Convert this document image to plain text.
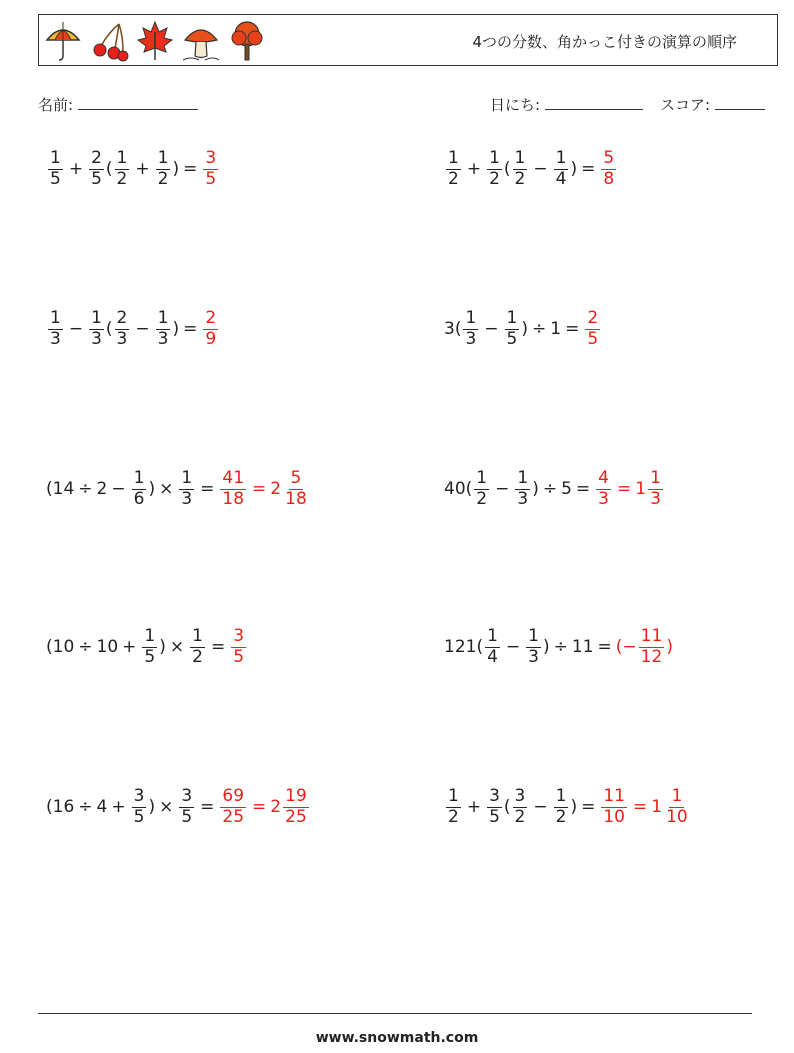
4つの分数、角かっこ付きの演算の順序
名前:	日にち:	スコア:
$\frac{1}{5} + \frac{2}{5}$ ( $\frac{1}{2} + \frac{1}{2}$ ) = $\frac{3}{5}$	$\frac{1}{2} + \frac{1}{2}$ ( $\frac{1}{2} - \frac{1}{4}$ ) = $\frac{5}{8}$
$\frac{1}{3} - \frac{1}{3}$ ( $\frac{2}{3} - \frac{1}{3}$ ) = $\frac{2}{9}$	3 ( $\frac{1}{3} - \frac{1}{5}$ ) ÷ $1 = \frac{2}{5}$
( $14 \div 2 - \frac{1}{6}$ ) × $\frac{1}{3} = \frac{41}{18} = 2 \frac{5}{18}$	40 ( $\frac{1}{2} - \frac{1}{3}$ ) ÷ $5 = \frac{4}{3} = 1 \frac{1}{3}$
( $10 \div 10 + \frac{1}{5}$ ) × $\frac{1}{2} = \frac{3}{5}$	121 ( $\frac{1}{4} - \frac{1}{3}$ ) ÷ 11 = (− $\frac{11}{12}$ )
( $16 \div 4 + \frac{3}{5}$ ) × $\frac{3}{5} = \frac{69}{25} = 2 \frac{19}{25}$	$\frac{1}{2} + \frac{3}{5}$ ( $\frac{3}{2} - \frac{1}{2}$ ) = $\frac{11}{10} = 1 \frac{1}{10}$
www.snowmath.com
